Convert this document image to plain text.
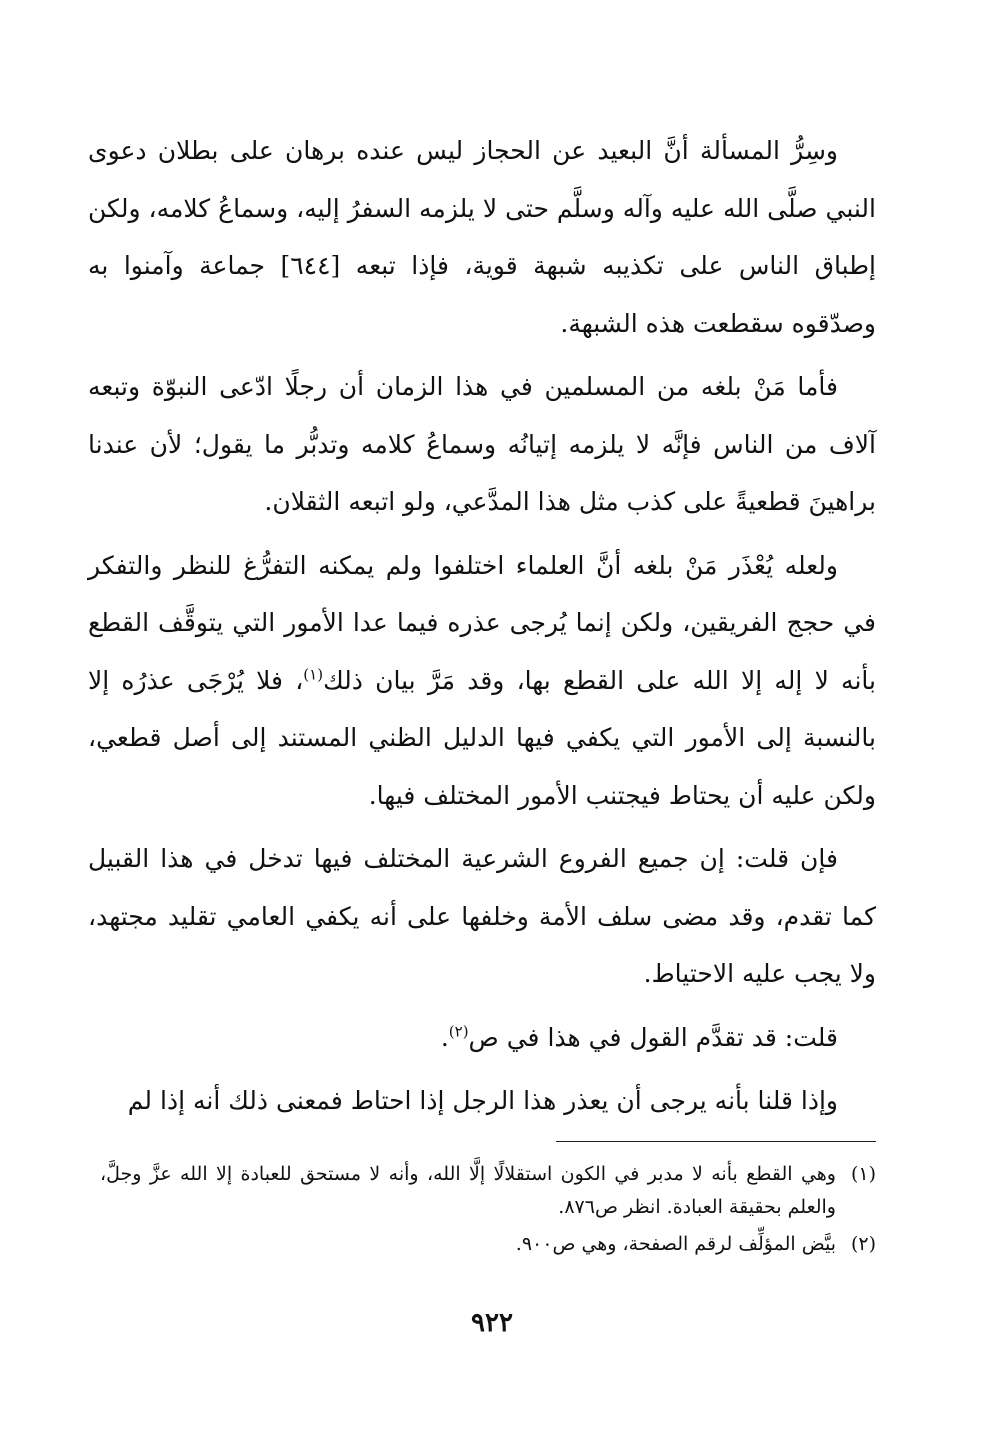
وسِرُّ المسألة أنَّ البعيد عن الحجاز ليس عنده برهان على بطلان دعوى النبي صلَّى الله عليه وآله وسلَّم حتى لا يلزمه السفرُ إليه، وسماعُ كلامه، ولكن إطباق الناس على تكذيبه شبهة قوية، فإذا تبعه [٦٤٤] جماعة وآمنوا به وصدّقوه سقطعت هذه الشبهة.

فأما مَنْ بلغه من المسلمين في هذا الزمان أن رجلًا ادّعى النبوّة وتبعه آلاف من الناس فإنَّه لا يلزمه إتيانُه وسماعُ كلامه وتدبُّر ما يقول؛ لأن عندنا براهينَ قطعيةً على كذب مثل هذا المدَّعي، ولو اتبعه الثقلان.

ولعله يُعْذَر مَنْ بلغه أنَّ العلماء اختلفوا ولم يمكنه التفرُّغ للنظر والتفكر في حجج الفريقين، ولكن إنما يُرجى عذره فيما عدا الأمور التي يتوقَّف القطع بأنه لا إله إلا الله على القطع بها، وقد مَرَّ بيان ذلك$^{(١)}$، فلا يُرْجَى عذرُه إلا بالنسبة إلى الأمور التي يكفي فيها الدليل الظني المستند إلى أصل قطعي، ولكن عليه أن يحتاط فيجتنب الأمور المختلف فيها.

فإن قلت: إن جميع الفروع الشرعية المختلف فيها تدخل في هذا القبيل كما تقدم، وقد مضى سلف الأمة وخلفها على أنه يكفي العامي تقليد مجتهد، ولا يجب عليه الاحتياط.

قلت: قد تقدَّم القول في هذا في ص$^{(٢)}$.

وإذا قلنا بأنه يرجى أن يعذر هذا الرجل إذا احتاط فمعنى ذلك أنه إذا لم

(١)
وهي القطع بأنه لا مدبر في الكون استقلالًا إلَّا الله، وأنه لا مستحق للعبادة إلا الله عزَّ وجلَّ، والعلم بحقيقة العبادة. انظر ص٨٧٦.

(٢)
بيَّض المؤلِّف لرقم الصفحة، وهي ص٩٠٠.

٩٢٢
